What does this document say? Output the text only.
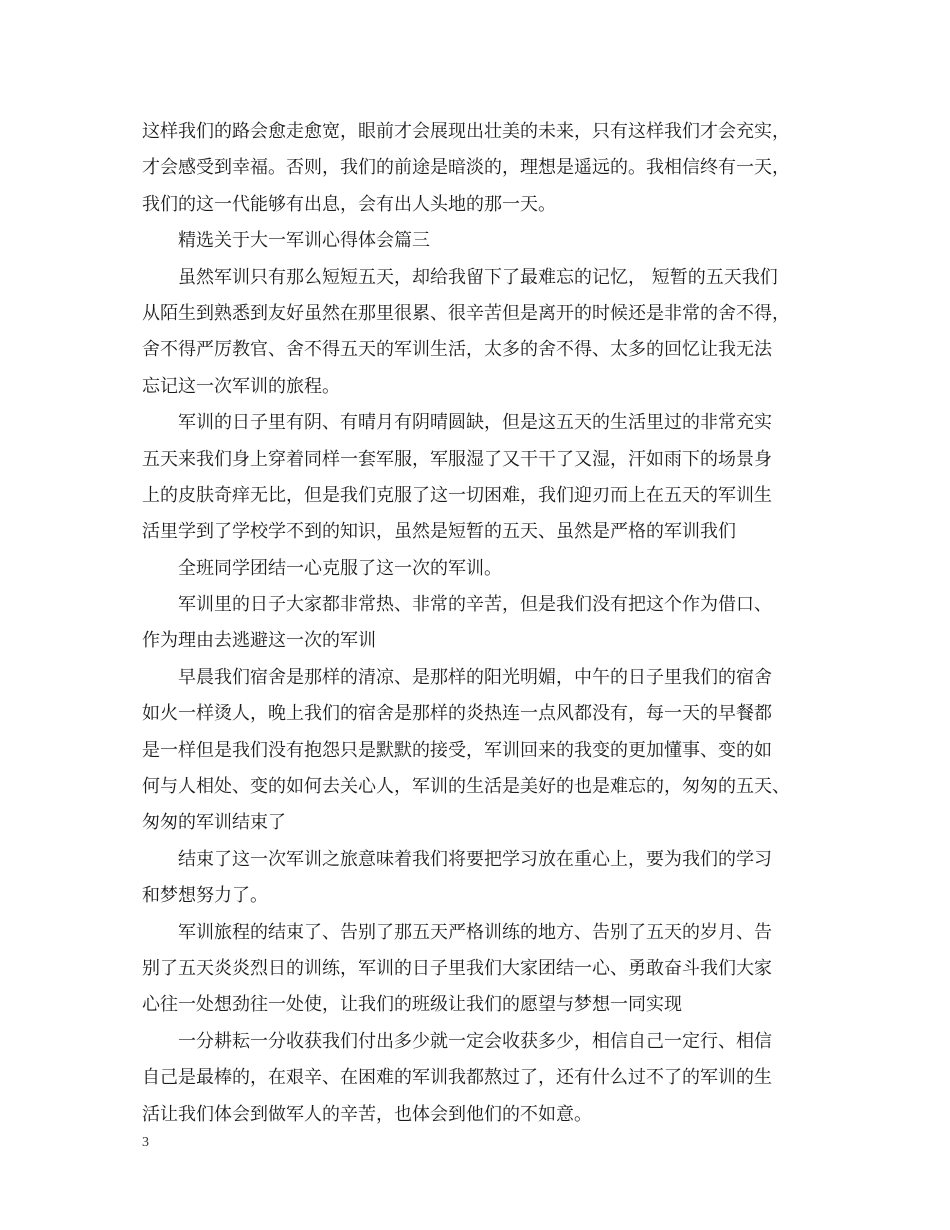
这样我们的路会愈走愈宽，眼前才会展现出壮美的未来，只有这样我们才会充实，
才会感受到幸福。否则，我们的前途是暗淡的，理想是遥远的。我相信终有一天，
我们的这一代能够有出息，会有出人头地的那一天。
精选关于大一军训心得体会篇三
虽然军训只有那么短短五天，却给我留下了最难忘的记忆， 短暂的五天我们
从陌生到熟悉到友好虽然在那里很累、很辛苦但是离开的时候还是非常的舍不得，
舍不得严厉教官、舍不得五天的军训生活，太多的舍不得、太多的回忆让我无法
忘记这一次军训的旅程。
军训的日子里有阴、有晴月有阴晴圆缺，但是这五天的生活里过的非常充实
五天来我们身上穿着同样一套军服，军服湿了又干干了又湿，汗如雨下的场景身
上的皮肤奇痒无比，但是我们克服了这一切困难，我们迎刃而上在五天的军训生
活里学到了学校学不到的知识，虽然是短暂的五天、虽然是严格的军训我们
全班同学团结一心克服了这一次的军训。
军训里的日子大家都非常热、非常的辛苦，但是我们没有把这个作为借口、
作为理由去逃避这一次的军训
早晨我们宿舍是那样的清凉、是那样的阳光明媚，中午的日子里我们的宿舍
如火一样烫人，晚上我们的宿舍是那样的炎热连一点风都没有，每一天的早餐都
是一样但是我们没有抱怨只是默默的接受，军训回来的我变的更加懂事、变的如
何与人相处、变的如何去关心人，军训的生活是美好的也是难忘的，匆匆的五天、
匆匆的军训结束了
结束了这一次军训之旅意味着我们将要把学习放在重心上，要为我们的学习
和梦想努力了。
军训旅程的结束了、告别了那五天严格训练的地方、告别了五天的岁月、告
别了五天炎炎烈日的训练，军训的日子里我们大家团结一心、勇敢奋斗我们大家
心往一处想劲往一处使，让我们的班级让我们的愿望与梦想一同实现
一分耕耘一分收获我们付出多少就一定会收获多少，相信自己一定行、相信
自己是最棒的，在艰辛、在困难的军训我都熬过了，还有什么过不了的军训的生
活让我们体会到做军人的辛苦，也体会到他们的不如意。
3
